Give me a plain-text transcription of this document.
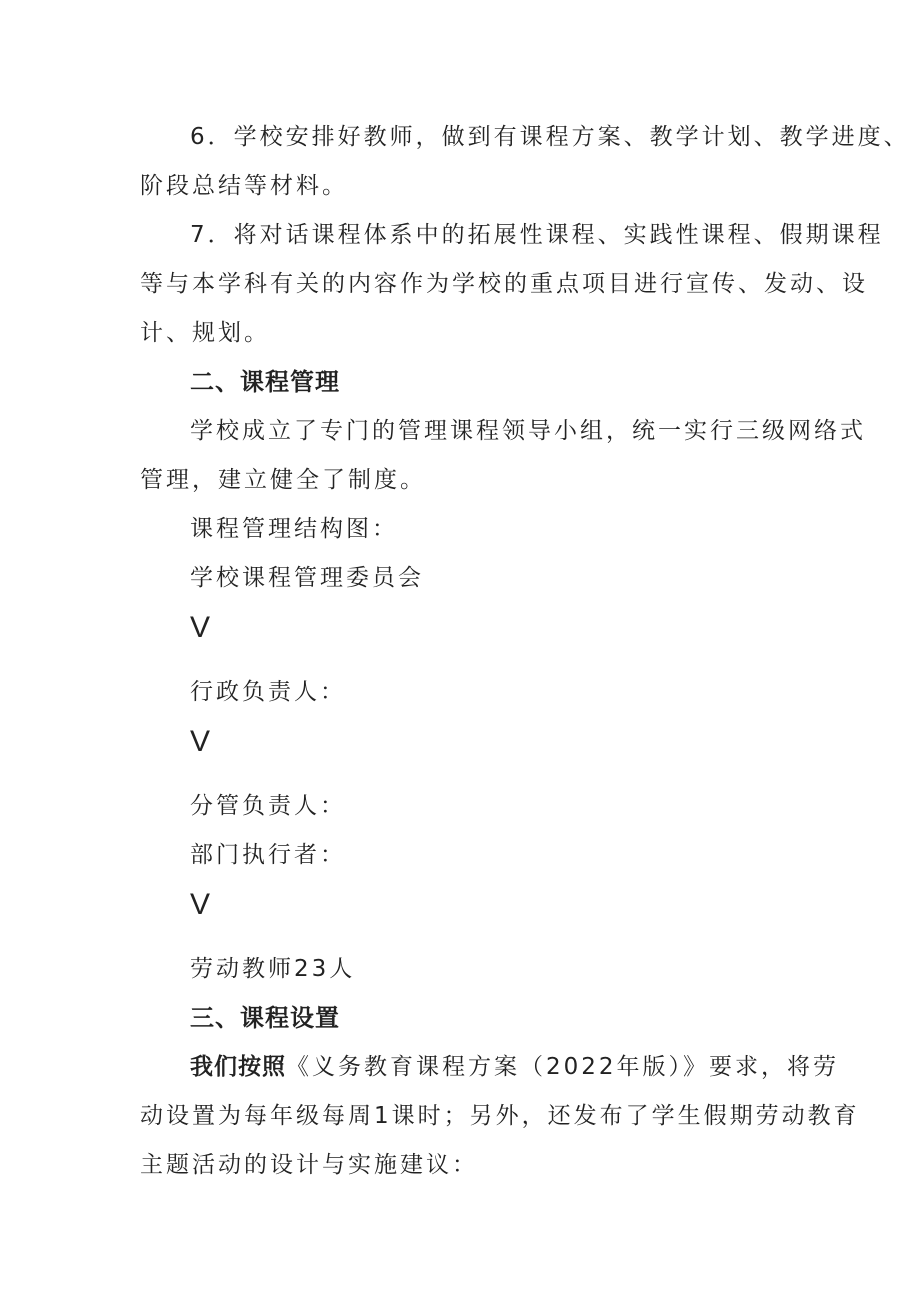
6．学校安排好教师，做到有课程方案、教学计划、教学进度、
阶段总结等材料。
7．将对话课程体系中的拓展性课程、实践性课程、假期课程
等与本学科有关的内容作为学校的重点项目进行宣传、发动、设
计、规划。
二、课程管理
学校成立了专门的管理课程领导小组，统一实行三级网络式
管理，建立健全了制度。
课程管理结构图：
学校课程管理委员会
V
行政负责人：
V
分管负责人：
部门执行者：
V
劳动教师23人
三、课程设置
我们按照《义务教育课程方案（2022年版）》要求，将劳
动设置为每年级每周1课时；另外，还发布了学生假期劳动教育
主题活动的设计与实施建议：
